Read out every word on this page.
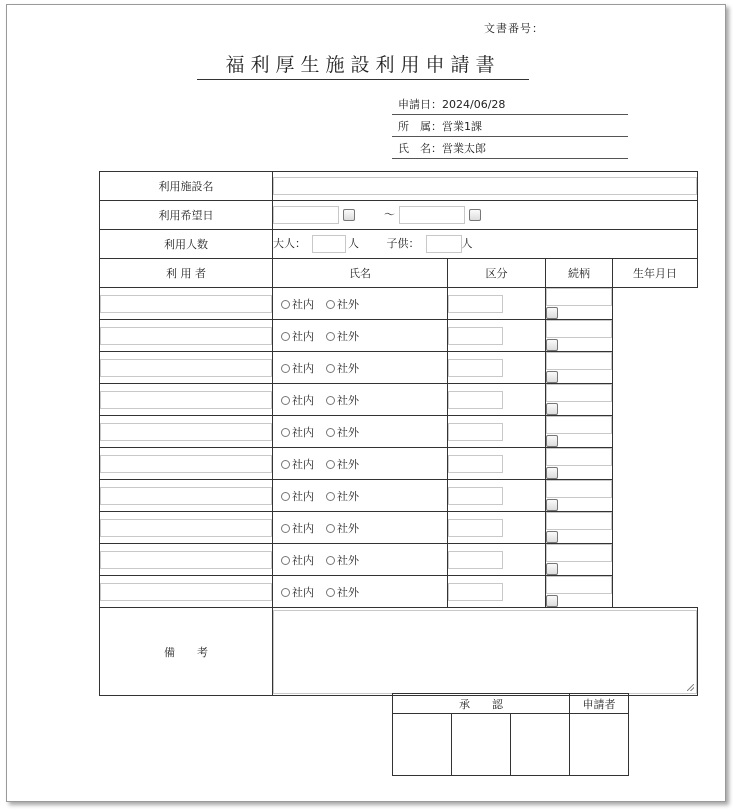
文書番号：
福利厚生施設利用申請書
申請日：2024/06/28
所　属：営業1課
氏　名：営業太郎
利用施設名				
利用希望日	～			
利用人数	大人： 人 子供： 人			
利 用 者	氏名	区分	続柄	生年月日
	社内 社外			
	社内 社外			
	社内 社外			
	社内 社外			
	社内 社外			
	社内 社外			
	社内 社外			
	社内 社外			
	社内 社外			
	社内 社外			
備　　考				
承　　認			申請者
